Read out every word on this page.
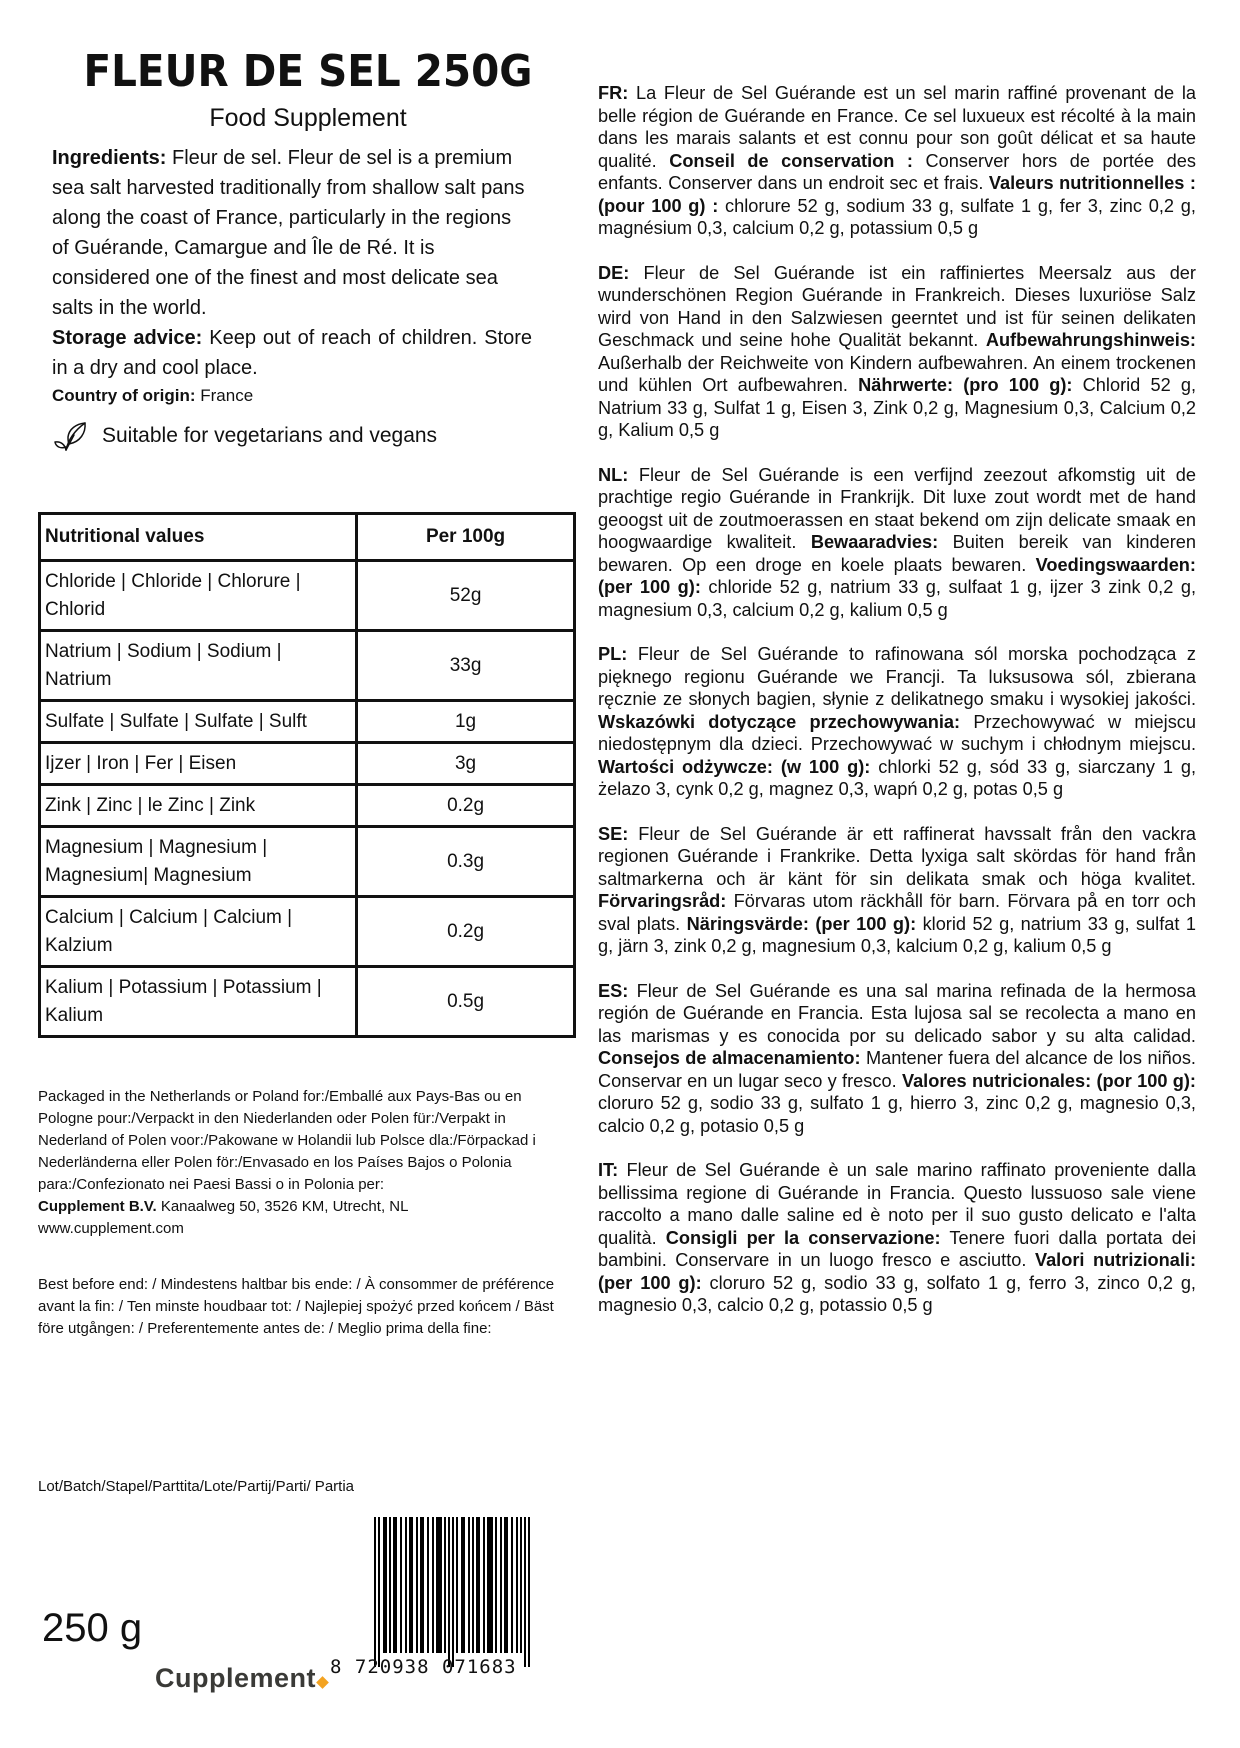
FLEUR DE SEL 250G
Food Supplement
Ingredients: Fleur de sel. Fleur de sel is a premium sea salt harvested traditionally from shallow salt pans along the coast of France, particularly in the regions of Guérande, Camargue and Île de Ré. It is considered one of the finest and most delicate sea salts in the world.
Storage advice: Keep out of reach of children. Store in a dry and cool place.
Country of origin: France
Suitable for vegetarians and vegans
Nutritional values	Per 100g
Chloride | Chloride | Chlorure | Chlorid	52g
Natrium | Sodium | Sodium | Natrium	33g
Sulfate | Sulfate | Sulfate | Sulft	1g
Ijzer | Iron | Fer | Eisen	3g
Zink | Zinc | le Zinc | Zink	0.2g
Magnesium | Magnesium | Magnesium| Magnesium	0.3g
Calcium | Calcium | Calcium | Kalzium	0.2g
Kalium | Potassium | Potassium | Kalium	0.5g
Packaged in the Netherlands or Poland for:/Emballé aux Pays-Bas ou en Pologne pour:/Verpackt in den Niederlanden oder Polen für:/Verpakt in Nederland of Polen voor:/Pakowane w Holandii lub Polsce dla:/Förpackad i Nederländerna eller Polen för:/Envasado en los Países Bajos o Polonia para:/Confezionato nei Paesi Bassi o in Polonia per:
Cupplement B.V. Kanaalweg 50, 3526 KM, Utrecht, NL
www.cupplement.com
Best before end: / Mindestens haltbar bis ende: / À consommer de préférence avant la fin: / Ten minste houdbaar tot: / Najlepiej spożyć przed końcem / Bäst före utgången: / Preferentemente antes de: / Meglio prima della fine:
Lot/Batch/Stapel/Parttita/Lote/Partij/Parti/ Partia
250 g
Cupplement 8 720938 071683

FR: La Fleur de Sel Guérande est un sel marin raffiné provenant de la belle région de Guérande en France. Ce sel luxueux est récolté à la main dans les marais salants et est connu pour son goût délicat et sa haute qualité. Conseil de conservation : Conserver hors de portée des enfants. Conserver dans un endroit sec et frais. Valeurs nutritionnelles : (pour 100 g) : chlorure 52 g, sodium 33 g, sulfate 1 g, fer 3, zinc 0,2 g, magnésium 0,3, calcium 0,2 g, potassium 0,5 g

DE: Fleur de Sel Guérande ist ein raffiniertes Meersalz aus der wunderschönen Region Guérande in Frankreich. Dieses luxuriöse Salz wird von Hand in den Salzwiesen geerntet und ist für seinen delikaten Geschmack und seine hohe Qualität bekannt. Aufbewahrungshinweis: Außerhalb der Reichweite von Kindern aufbewahren. An einem trockenen und kühlen Ort aufbewahren. Nährwerte: (pro 100 g): Chlorid 52 g, Natrium 33 g, Sulfat 1 g, Eisen 3, Zink 0,2 g, Magnesium 0,3, Calcium 0,2 g, Kalium 0,5 g

NL: Fleur de Sel Guérande is een verfijnd zeezout afkomstig uit de prachtige regio Guérande in Frankrijk. Dit luxe zout wordt met de hand geoogst uit de zoutmoerassen en staat bekend om zijn delicate smaak en hoogwaardige kwaliteit. Bewaaradvies: Buiten bereik van kinderen bewaren. Op een droge en koele plaats bewaren. Voedingswaarden: (per 100 g): chloride 52 g, natrium 33 g, sulfaat 1 g, ijzer 3 zink 0,2 g, magnesium 0,3, calcium 0,2 g, kalium 0,5 g

PL: Fleur de Sel Guérande to rafinowana sól morska pochodząca z pięknego regionu Guérande we Francji. Ta luksusowa sól, zbierana ręcznie ze słonych bagien, słynie z delikatnego smaku i wysokiej jakości. Wskazówki dotyczące przechowywania: Przechowywać w miejscu niedostępnym dla dzieci. Przechowywać w suchym i chłodnym miejscu. Wartości odżywcze: (w 100 g): chlorki 52 g, sód 33 g, siarczany 1 g, żelazo 3, cynk 0,2 g, magnez 0,3, wapń 0,2 g, potas 0,5 g

SE: Fleur de Sel Guérande är ett raffinerat havssalt från den vackra regionen Guérande i Frankrike. Detta lyxiga salt skördas för hand från saltmarkerna och är känt för sin delikata smak och höga kvalitet. Förvaringsråd: Förvaras utom räckhåll för barn. Förvara på en torr och sval plats. Näringsvärde: (per 100 g): klorid 52 g, natrium 33 g, sulfat 1 g, järn 3, zink 0,2 g, magnesium 0,3, kalcium 0,2 g, kalium 0,5 g

ES: Fleur de Sel Guérande es una sal marina refinada de la hermosa región de Guérande en Francia. Esta lujosa sal se recolecta a mano en las marismas y es conocida por su delicado sabor y su alta calidad. Consejos de almacenamiento: Mantener fuera del alcance de los niños. Conservar en un lugar seco y fresco. Valores nutricionales: (por 100 g): cloruro 52 g, sodio 33 g, sulfato 1 g, hierro 3, zinc 0,2 g, magnesio 0,3, calcio 0,2 g, potasio 0,5 g

IT: Fleur de Sel Guérande è un sale marino raffinato proveniente dalla bellissima regione di Guérande in Francia. Questo lussuoso sale viene raccolto a mano dalle saline ed è noto per il suo gusto delicato e l'alta qualità. Consigli per la conservazione: Tenere fuori dalla portata dei bambini. Conservare in un luogo fresco e asciutto. Valori nutrizionali: (per 100 g): cloruro 52 g, sodio 33 g, solfato 1 g, ferro 3, zinco 0,2 g, magnesio 0,3, calcio 0,2 g, potassio 0,5 g
